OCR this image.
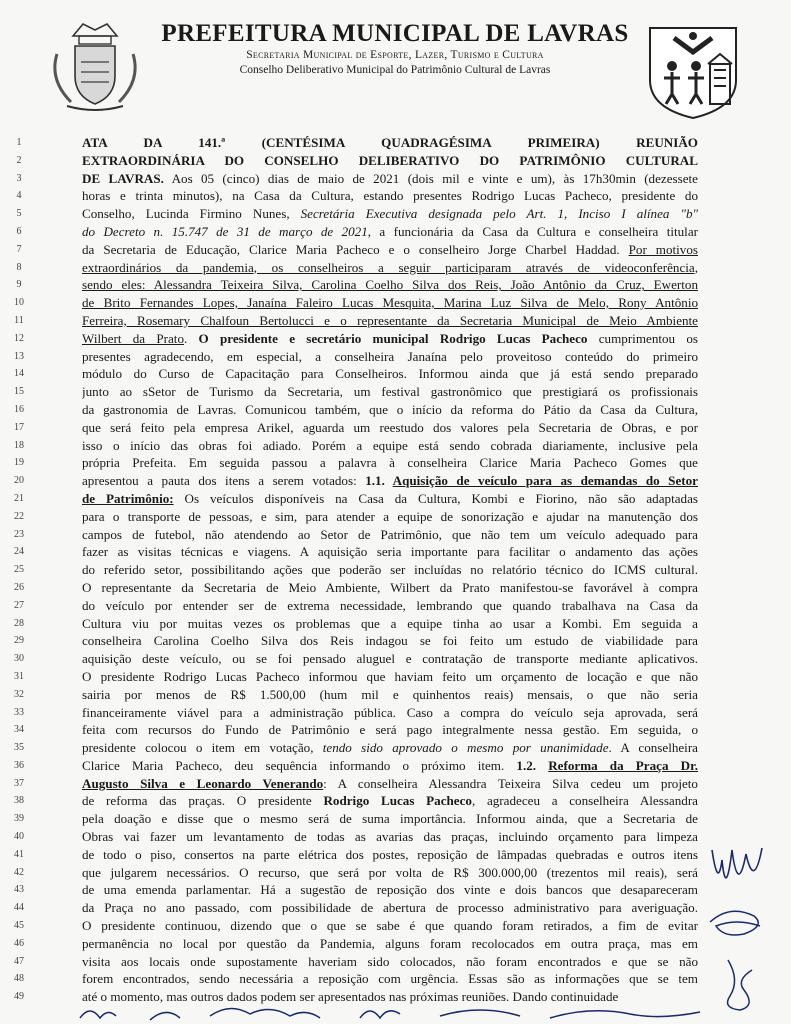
PREFEITURA MUNICIPAL DE LAVRAS
Secretaria Municipal de Esporte, Lazer, Turismo e Cultura
Conselho Deliberativo Municipal do Patrimônio Cultural de Lavras
1	ATA DA 141.ª (CENTÉSIMA QUADRAGÉSIMA PRIMEIRA) REUNIÃO
2	EXTRAORDINÁRIA DO CONSELHO DELIBERATIVO DO PATRIMÔNIO CULTURAL
3	DE LAVRAS. Aos 05 (cinco) dias de maio de 2021 (dois mil e vinte e um), às 17h30min (dezessete
4	horas e trinta minutos), na Casa da Cultura, estando presentes Rodrigo Lucas Pacheco, presidente do
5	Conselho, Lucinda Firmino Nunes, Secretária Executiva designada pelo Art. 1, Inciso I alínea "b"
6	do Decreto n. 15.747 de 31 de março de 2021, a funcionária da Casa da Cultura e conselheira titular
7	da Secretaria de Educação, Clarice Maria Pacheco e o conselheiro Jorge Charbel Haddad. Por motivos
8	extraordinários da pandemia, os conselheiros a seguir participaram através de videoconferência,
9	sendo eles: Alessandra Teixeira Silva, Carolina Coelho Silva dos Reis, João Antônio da Cruz, Ewerton
10	de Brito Fernandes Lopes, Janaína Faleiro Lucas Mesquita, Marina Luz Silva de Melo, Rony Antônio
11	Ferreira, Rosemary Chalfoun Bertolucci e o representante da Secretaria Municipal de Meio Ambiente
12	Wilbert da Prato. O presidente e secretário municipal Rodrigo Lucas Pacheco cumprimentou os
13	presentes agradecendo, em especial, a conselheira Janaína pelo proveitoso conteúdo do primeiro
14	módulo do Curso de Capacitação para Conselheiros. Informou ainda que já está sendo preparado
15	junto ao sSetor de Turismo da Secretaria, um festival gastronômico que prestigiará os profissionais
16	da gastronomia de Lavras. Comunicou também, que o início da reforma do Pátio da Casa da Cultura,
17	que será feito pela empresa Arikel, aguarda um reestudo dos valores pela Secretaria de Obras, e por
18	isso o início das obras foi adiado. Porém a equipe está sendo cobrada diariamente, inclusive pela
19	própria Prefeita. Em seguida passou a palavra à conselheira Clarice Maria Pacheco Gomes que
20	apresentou a pauta dos itens a serem votados: 1.1. Aquisição de veículo para as demandas do Setor
21	de Patrimônio: Os veículos disponíveis na Casa da Cultura, Kombi e Fiorino, não são adaptadas
22	para o transporte de pessoas, e sim, para atender a equipe de sonorização e ajudar na manutenção dos
23	campos de futebol, não atendendo ao Setor de Patrimônio, que não tem um veículo adequado para
24	fazer as visitas técnicas e viagens. A aquisição seria importante para facilitar o andamento das ações
25	do referido setor, possibilitando ações que poderão ser incluídas no relatório técnico do ICMS cultural.
26	O representante da Secretaria de Meio Ambiente, Wilbert da Prato manifestou-se favorável à compra
27	do veículo por entender ser de extrema necessidade, lembrando que quando trabalhava na Casa da
28	Cultura viu por muitas vezes os problemas que a equipe tinha ao usar a Kombi. Em seguida a
29	conselheira Carolina Coelho Silva dos Reis indagou se foi feito um estudo de viabilidade para
30	aquisição deste veículo, ou se foi pensado aluguel e contratação de transporte mediante aplicativos.
31	O presidente Rodrigo Lucas Pacheco informou que haviam feito um orçamento de locação e que não
32	sairia por menos de R$ 1.500,00 (hum mil e quinhentos reais) mensais, o que não seria
33	financeiramente viável para a administração pública. Caso a compra do veículo seja aprovada, será
34	feita com recursos do Fundo de Patrimônio e será pago integralmente nessa gestão. Em seguida, o
35	presidente colocou o item em votação, tendo sido aprovado o mesmo por unanimidade. A conselheira
36	Clarice Maria Pacheco, deu sequência informando o próximo item. 1.2. Reforma da Praça Dr.
37	Augusto Silva e Leonardo Venerando: A conselheira Alessandra Teixeira Silva cedeu um projeto
38	de reforma das praças. O presidente Rodrigo Lucas Pacheco, agradeceu a conselheira Alessandra
39	pela doação e disse que o mesmo será de suma importância. Informou ainda, que a Secretaria de
40	Obras vai fazer um levantamento de todas as avarias das praças, incluindo orçamento para limpeza
41	de todo o piso, consertos na parte elétrica dos postes, reposição de lâmpadas quebradas e outros itens
42	que julgarem necessários. O recurso, que será por volta de R$ 300.000,00 (trezentos mil reais), será
43	de uma emenda parlamentar. Há a sugestão de reposição dos vinte e dois bancos que desapareceram
44	da Praça no ano passado, com possibilidade de abertura de processo administrativo para averiguação.
45	O presidente continuou, dizendo que o que se sabe é que quando foram retirados, a fim de evitar
46	permanência no local por questão da Pandemia, alguns foram recolocados em outra praça, mas em
47	visita aos locais onde supostamente haveriam sido colocados, não foram encontrados e que se não
48	forem encontrados, sendo necessária a reposição com urgência. Essas são as informações que se tem
49	até o momento, mas outros dados podem ser apresentados nas próximas reuniões. Dando continuidade
